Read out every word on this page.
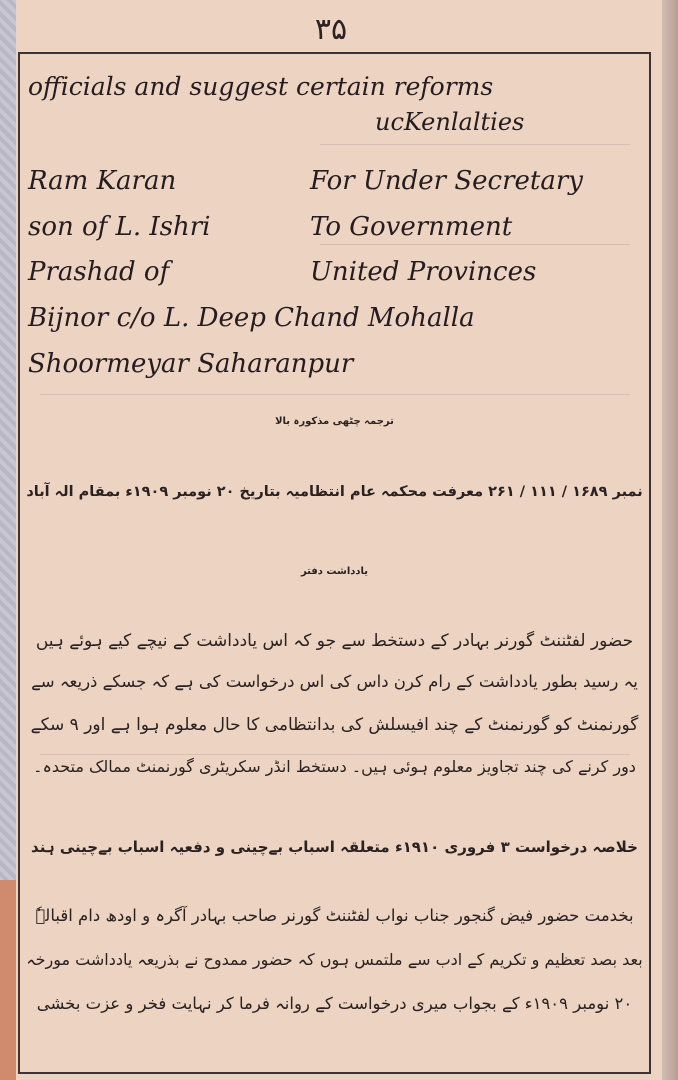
۳۵
officials and suggest certain reforms
ucKenlalties
Ram Karan	For Under Secretary
son of L. Ishri	To Government
Prashad of	United Provinces
Bijnor c/o L. Deep Chand Mohalla
Shoormeyar Saharanpur
ترجمہ چٹھی مذکورہ بالا
نمبر ۱۶۸۹ / ۱۱۱ / ۲۶۱ معرفت محکمہ عام انتظامیہ بتاریخ ۲۰ نومبر ۱۹۰۹ء بمقام الہ آباد
یادداشت دفتر
حضور لفٹننٹ گورنر بہادر کے دستخط سے جو کہ اس یادداشت کے نیچے کیے ہوئے ہیں
یہ رسید بطور یادداشت کے رام کرن داس کی اس درخواست کی ہے کہ جسکے ذریعہ سے
گورنمنٹ کو گورنمنٹ کے چند افیسلش کی بدانتظامی کا حال معلوم ہوا ہے اور ۹ سکے
دور کرنے کی چند تجاویز معلوم ہوئی ہیں۔ دستخط انڈر سکریٹری گورنمنٹ ممالک متحدہ۔
خلاصہ درخواست ۳ فروری ۱۹۱۰ء متعلقہ اسباب بےچینی و دفعیہ اسباب بےچینی ہند
بخدمت حضور فیض گنجور جناب نواب لفٹننٹ گورنر صاحب بہادر آگرہ و اودھ دام اقبالہٗ
بعد بصد تعظیم و تکریم کے ادب سے ملتمس ہوں کہ حضور ممدوح نے بذریعہ یادداشت مورخہ
۲۰ نومبر ۱۹۰۹ء کے بجواب میری درخواست کے روانہ فرما کر نہایت فخر و عزت بخشی
